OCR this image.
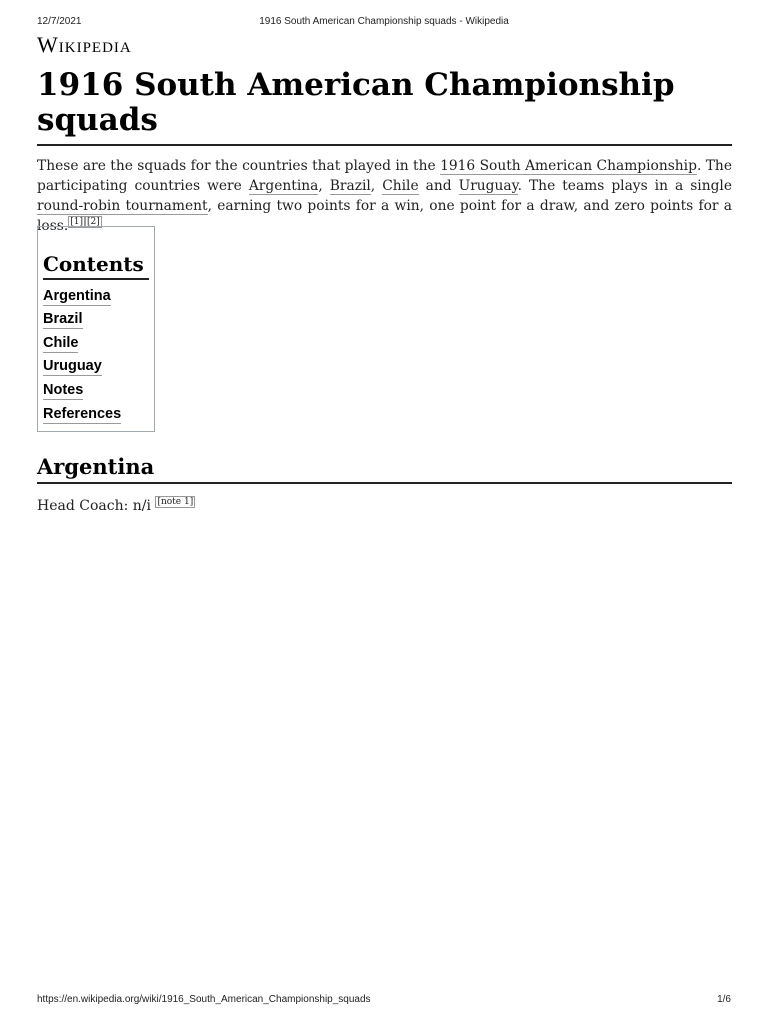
12/7/2021	1916 South American Championship squads - Wikipedia
Wikipedia
1916 South American Championship squads

These are the squads for the countries that played in the 1916 South American Championship. The participating countries were Argentina, Brazil, Chile and Uruguay. The teams plays in a single round-robin tournament, earning two points for a win, one point for a draw, and zero points for a loss. [1] [2]

Contents
Argentina
Brazil
Chile
Uruguay
Notes
References
Argentina

Head Coach: n/i [note 1]

https://en.wikipedia.org/wiki/1916_South_American_Championship_squads	1/6
